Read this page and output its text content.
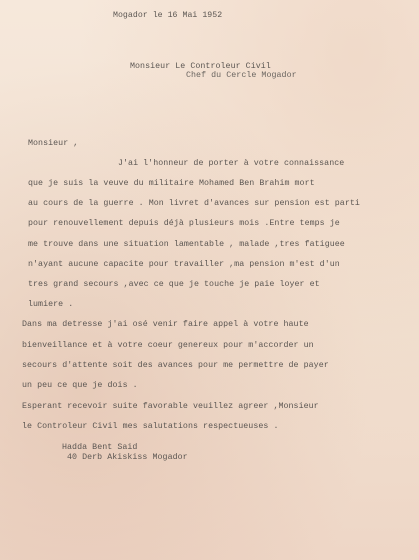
Mogador le 16 Mai 1952
Monsieur Le Controleur Civil
Chef du Cercle Mogador
Monsieur ,
J'ai l'honneur de porter à votre connaissance
que je suis la veuve du militaire Mohamed Ben Brahim mort
au cours de la guerre . Mon livret d'avances sur pension est parti
pour renouvellement depuis déjà plusieurs mois .Entre temps je
me trouve dans une situation lamentable , malade ,tres fatiguee
n'ayant aucune capacite pour travailler ,ma pension m'est d'un
tres grand secours ,avec ce que je touche je paie loyer et
lumiere .
Dans ma detresse j'ai osé venir faire appel à votre haute
bienveillance et à votre coeur genereux pour m'accorder un
secours d'attente soit des avances pour me permettre de payer
un peu ce que je dois .
Esperant recevoir suite favorable veuillez agreer ,Monsieur
le Controleur Civil mes salutations respectueuses .
Hadda Bent Said
40 Derb Akiskiss Mogador
